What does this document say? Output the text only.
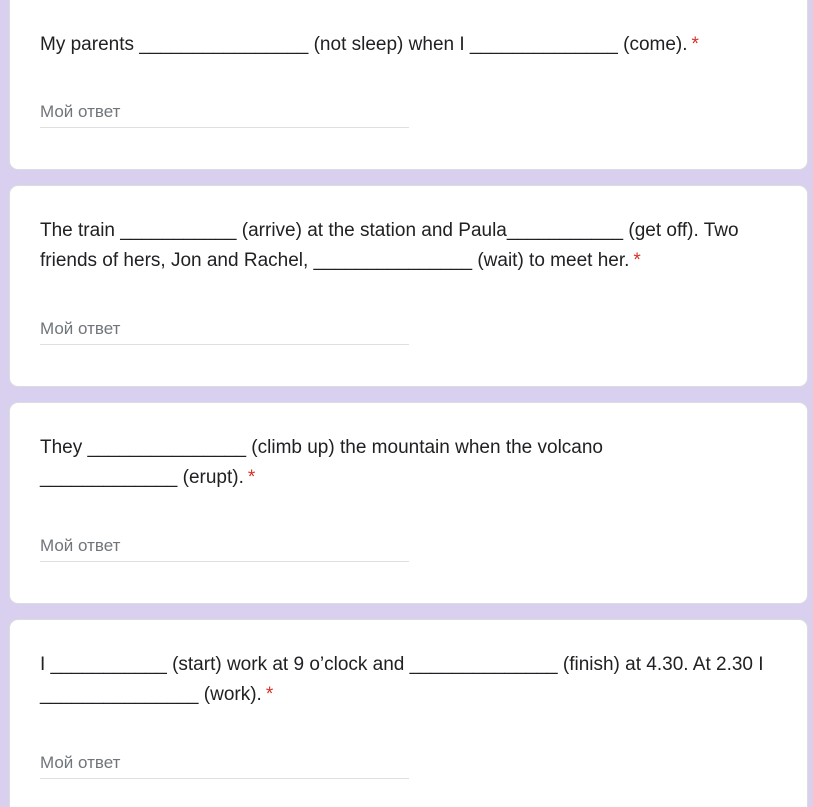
My parents ________________ (not sleep) when I ______________ (come). *
Мой ответ
The train ___________ (arrive) at the station and Paula___________ (get off). Two friends of hers, Jon and Rachel, _______________ (wait) to meet her. *
Мой ответ
They _______________ (climb up) the mountain when the volcano _____________ (erupt). *
Мой ответ
I ___________ (start) work at 9 o’clock and ______________ (finish) at 4.30. At 2.30 I _______________ (work). *
Мой ответ
